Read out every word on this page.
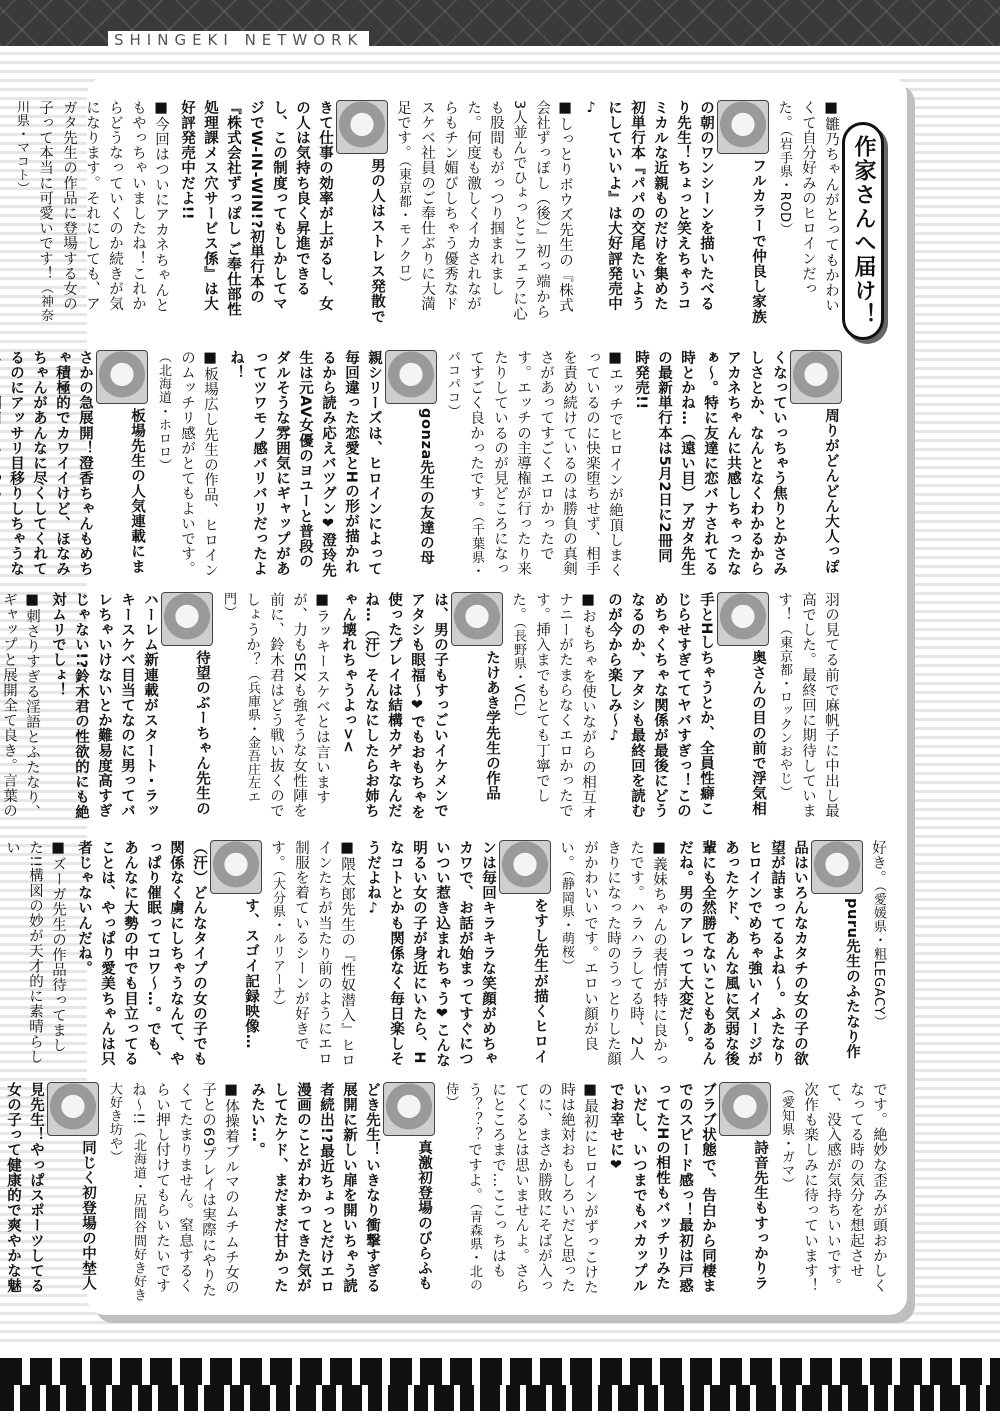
SHINGEKI NETWORK
作家さんへ届け！
■雛乃ちゃんがとってもかわいくて自分好みのヒロインだった。（岩手県・ROD）
フルカラーで仲良し家族の朝のワンシーンを描いたべるり先生！ちょっと笑えちゃうコミカルな近親ものだけを集めた初単行本『パパの交尾たいようにしていいよ』は大好評発売中♪
■しっとりボウズ先生の『株式会社ずっぽし（後）』初っ端から3人並んでひょっとこフェラに心も股間もがっつり掴まれました。何度も激しくイカされながらもチン媚びしちゃう優秀なドスケベ社員のご奉仕ぶりに大満足です。（東京都・モノクロ）
男の人はストレス発散できて仕事の効率が上がるし、女の人は気持ち良く昇進できるし、この制度ってもしかしてマジでW-IN-WIN!?初単行本の『株式会社ずっぽし ご奉仕部性処理課メス穴サービス係』は大好評発売中だよ!!
■今回はついにアカネちゃんともやっちゃいましたね！これからどうなっていくのか続きが気になります。それにしても、アガタ先生の作品に登場する女の子って本当に可愛いです！（神奈川県・マコト）
周りがどんどん大人っぽくなっていっちゃう焦りとかさみしさとか、なんとなくわかるからアカネちゃんに共感しちゃったなぁ～。特に友達に恋バナされてる時とかね…（遠い目）アガタ先生の最新単行本は5月2日に2冊同時発売!!
■エッチでヒロインが絶頂しまくっているのに快楽堕ちせず、相手を責め続けているのは勝負の真剣さがあってすごくエロかったです。エッチの主導権が行ったり来たりしているのが見どころになってすごく良かったです。（千葉県・パコパコ）
gonza先生の友達の母親シリーズは、ヒロインによって毎回違った恋愛とHの形が描かれるから読み応えバツグン❤澄玲先生は元AV女優のヨユーと普段のダルそうな雰囲気にギャップがあってツワモノ感バリバリだったよね！
■板場広し先生の作品、ヒロインのムッチリ感がとてもよいです。（北海道・ホロロ）
板場先生の人気連載にまさかの急展開！澄香ちゃんもめちゃ積極的でカワイイけど、ほなみちゃんがあんなに尽くしてくれてるのにアッサリ目移りしちゃうな
羽の見てる前で麻帆子に中出し最高でした。最終回に期待しています！（東京都・ロックンおやじ）
奥さんの目の前で浮気相手とHしちゃうとか、全員性癖こじらせすぎててヤバすぎっ！このめちゃくちゃな関係が最後にどうなるのか、アタシも最終回を読むのが今から楽しみ～♪
■おもちゃを使いながらの相互オナニーがたまらなくエロかったです。挿入までもとても丁寧でした。（長野県・VCL）
たけあき学先生の作品は、男の子もすっごいイケメンでアタシも眼福～❤でもおもちゃを使ったプレイは結構カゲキなんだね…（汗）そんなにしたらお姉ちゃん壊れちゃうよっ><
■ラッキースケベとは言いますが、力もSEXも強そうな女性陣を前に、鈴木君はどう戦い抜くのでしょうか？（兵庫県・金吾庄左エ門）
待望のぶーちゃん先生のハーレム新連載がスタート・ラッキースケベ目当てなのに男ってバレちゃいけないとか難易度高すぎじゃない!?鈴木君の性欲的にも絶対ムリでしょ！
■刺さりすぎる淫語とふたなり、ギャップと展開全て良き。言葉の
好き。（愛媛県・粗LEGACY）
puru先生のふたなり作品はいろんなカタチの女の子の欲望が詰まってるよね～。ふたなりヒロインでめちゃ強いイメージがあったケド、あんな風に気弱な後輩にも全然勝てないこともあるんだね。男のアレって大変だ～。
■義妹ちゃんの表情が特に良かったです。ハラハラしてる時、2人きりになった時のうっとりした顔がかわいいです。エロい顔が良い。（静岡県・萌桜）
をすし先生が描くヒロインは毎回キラキラな笑顔がめちゃカワで、お話が始まってすぐについつい惹き込まれちゃう❤こんな明るい女の子が身近にいたら、Hなコトとかも関係なく毎日楽しそうだよね♪
■隈太郎先生の『性奴潜入』ヒロインたちが当たり前のようにエロ制服を着ているシーンが好きです。（大分県・ルリアーナ）
す、スゴイ記録映像…（汗）どんなタイプの女の子でも関係なく虜にしちゃうなんて、やっぱり催眠ってコワ～…。でも、あんなに大勢の中でも目立ってることは、やっぱり愛美ちゃんは只者じゃないんだね。
■ズーガ先生の作品待ってました!!構図の妙が天才的に素晴らしい
です。絶妙な歪みが頭おかしくなってる時の気分を想起させて、没入感が気持ちいいです。次作も楽しみに待っています！（愛知県・ガマ）
詩音先生もすっかりラブラブ状態で、告白から同棲までのスピード感っ！最初は戸惑ってたHの相性もバッチリみたいだし、いつまでもバカップルでお幸せに❤
■最初にヒロインがずっこけた時は絶対おもしろいだと思ったのに、まさか勝敗にそばが入ってくるとは思いませんよ。さらにところまで…ここっちはもう？？？ですよ。（青森県・北の侍）
真激初登場のびらふもどき先生！いきなり衝撃すぎる展開に新しい扉を開いちゃう読者続出!?最近ちょっとだけエロ漫画のことがわかってきた気がしてたケド、まだまだ甘かったみたい…。
■体操着ブルマのムチムチ女の子との69プレイは実際にやりたくてたまりません。窒息するくらい押し付けてもらいたいですね～!!（北海道・尻間谷間好き好き大好き坊や）
同じく初登場の中埜人見先生！やっぱスポーツしてる女の子って健康的で爽やかな魅
